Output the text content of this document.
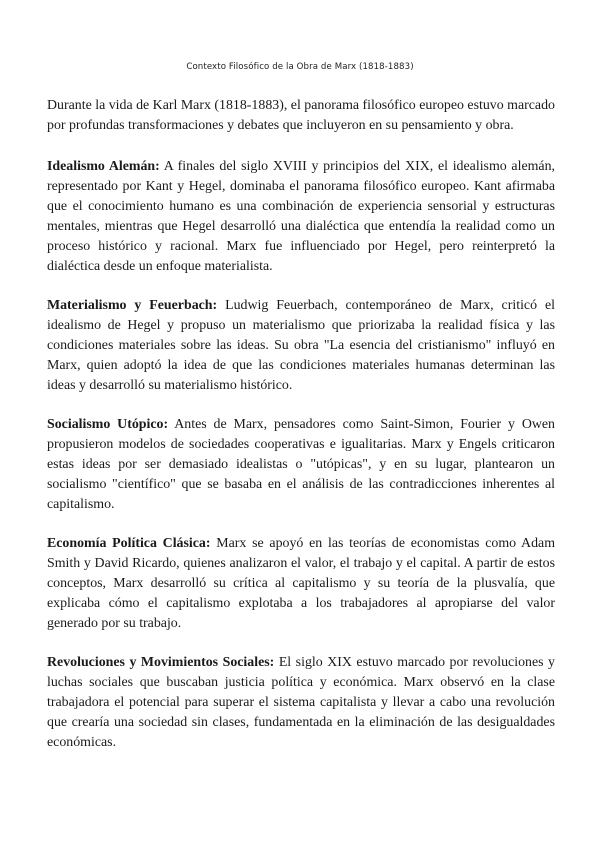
Contexto Filosófico de la Obra de Marx (1818-1883)

Durante la vida de Karl Marx (1818-1883), el panorama filosófico europeo estuvo marcado por profundas transformaciones y debates que incluyeron en su pensamiento y obra.

Idealismo Alemán: A finales del siglo XVIII y principios del XIX, el idealismo alemán, representado por Kant y Hegel, dominaba el panorama filosófico europeo. Kant afirmaba que el conocimiento humano es una combinación de experiencia sensorial y estructuras mentales, mientras que Hegel desarrolló una dialéctica que entendía la realidad como un proceso histórico y racional. Marx fue influenciado por Hegel, pero reinterpretó la dialéctica desde un enfoque materialista.

Materialismo y Feuerbach: Ludwig Feuerbach, contemporáneo de Marx, criticó el idealismo de Hegel y propuso un materialismo que priorizaba la realidad física y las condiciones materiales sobre las ideas. Su obra "La esencia del cristianismo" influyó en Marx, quien adoptó la idea de que las condiciones materiales humanas determinan las ideas y desarrolló su materialismo histórico.

Socialismo Utópico: Antes de Marx, pensadores como Saint-Simon, Fourier y Owen propusieron modelos de sociedades cooperativas e igualitarias. Marx y Engels criticaron estas ideas por ser demasiado idealistas o "utópicas", y en su lugar, plantearon un socialismo "científico" que se basaba en el análisis de las contradicciones inherentes al capitalismo.

Economía Política Clásica: Marx se apoyó en las teorías de economistas como Adam Smith y David Ricardo, quienes analizaron el valor, el trabajo y el capital. A partir de estos conceptos, Marx desarrolló su crítica al capitalismo y su teoría de la plusvalía, que explicaba cómo el capitalismo explotaba a los trabajadores al apropiarse del valor generado por su trabajo.

Revoluciones y Movimientos Sociales: El siglo XIX estuvo marcado por revoluciones y luchas sociales que buscaban justicia política y económica. Marx observó en la clase trabajadora el potencial para superar el sistema capitalista y llevar a cabo una revolución que crearía una sociedad sin clases, fundamentada en la eliminación de las desigualdades económicas.
